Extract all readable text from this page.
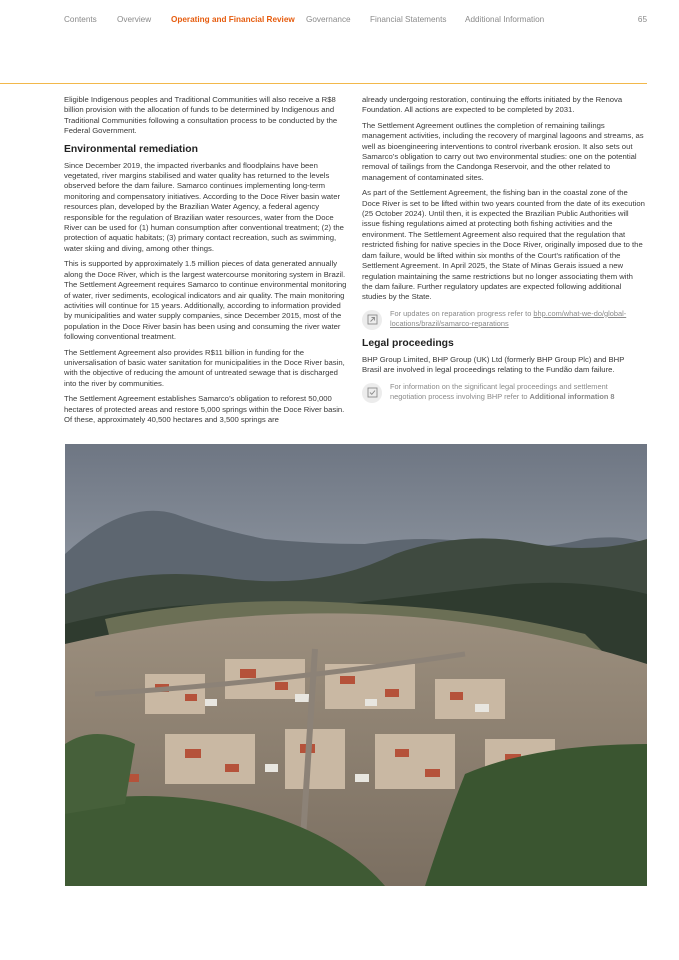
Contents Overview Operating and Financial Review Governance Financial Statements Additional Information	65

Eligible Indigenous peoples and Traditional Communities will also receive a R$8 billion provision with the allocation of funds to be determined by Indigenous and Traditional Communities following a consultation process to be conducted by the Federal Government.

Environmental remediation

Since December 2019, the impacted riverbanks and floodplains have been vegetated, river margins stabilised and water quality has returned to the levels observed before the dam failure. Samarco continues implementing long-term monitoring and compensatory initiatives. According to the Doce River basin water resources plan, developed by the Brazilian Water Agency, a federal agency responsible for the regulation of Brazilian water resources, water from the Doce River can be used for (1) human consumption after conventional treatment; (2) the protection of aquatic habitats; (3) primary contact recreation, such as swimming, water skiing and diving, among other things.

This is supported by approximately 1.5 million pieces of data generated annually along the Doce River, which is the largest watercourse monitoring system in Brazil. The Settlement Agreement requires Samarco to continue environmental monitoring of water, river sediments, ecological indicators and air quality. The main monitoring activities will continue for 15 years. Additionally, according to information provided by municipalities and water supply companies, since December 2015, most of the population in the Doce River basin has been using and consuming the river water following conventional treatment.

The Settlement Agreement also provides R$11 billion in funding for the universalisation of basic water sanitation for municipalities in the Doce River basin, with the objective of reducing the amount of untreated sewage that is discharged into the river by communities.

The Settlement Agreement establishes Samarco’s obligation to reforest 50,000 hectares of protected areas and restore 5,000 springs within the Doce River basin. Of these, approximately 40,500 hectares and 3,500 springs are

already undergoing restoration, continuing the efforts initiated by the Renova Foundation. All actions are expected to be completed by 2031.

The Settlement Agreement outlines the completion of remaining tailings management activities, including the recovery of marginal lagoons and streams, as well as bioengineering interventions to control riverbank erosion. It also sets out Samarco’s obligation to carry out two environmental studies: one on the potential removal of tailings from the Candonga Reservoir, and the other related to management of contaminated sites.

As part of the Settlement Agreement, the fishing ban in the coastal zone of the Doce River is set to be lifted within two years counted from the date of its execution (25 October 2024). Until then, it is expected the Brazilian Public Authorities will issue fishing regulations aimed at protecting both fishing activities and the environment. The Settlement Agreement also required that the regulation that restricted fishing for native species in the Doce River, originally imposed due to the dam failure, would be lifted within six months of the Court’s ratification of the Settlement Agreement. In April 2025, the State of Minas Gerais issued a new regulation maintaining the same restrictions but no longer associating them with the dam failure. Further regulatory updates are expected following additional studies by the State.

For updates on reparation progress refer to bhp.com/what-we-do/global-locations/brazil/samarco-reparations
Legal proceedings

BHP Group Limited, BHP Group (UK) Ltd (formerly BHP Group Plc) and BHP Brasil are involved in legal proceedings relating to the Fundão dam failure.

For information on the significant legal proceedings and settlement negotiation process involving BHP refer to Additional information 8
